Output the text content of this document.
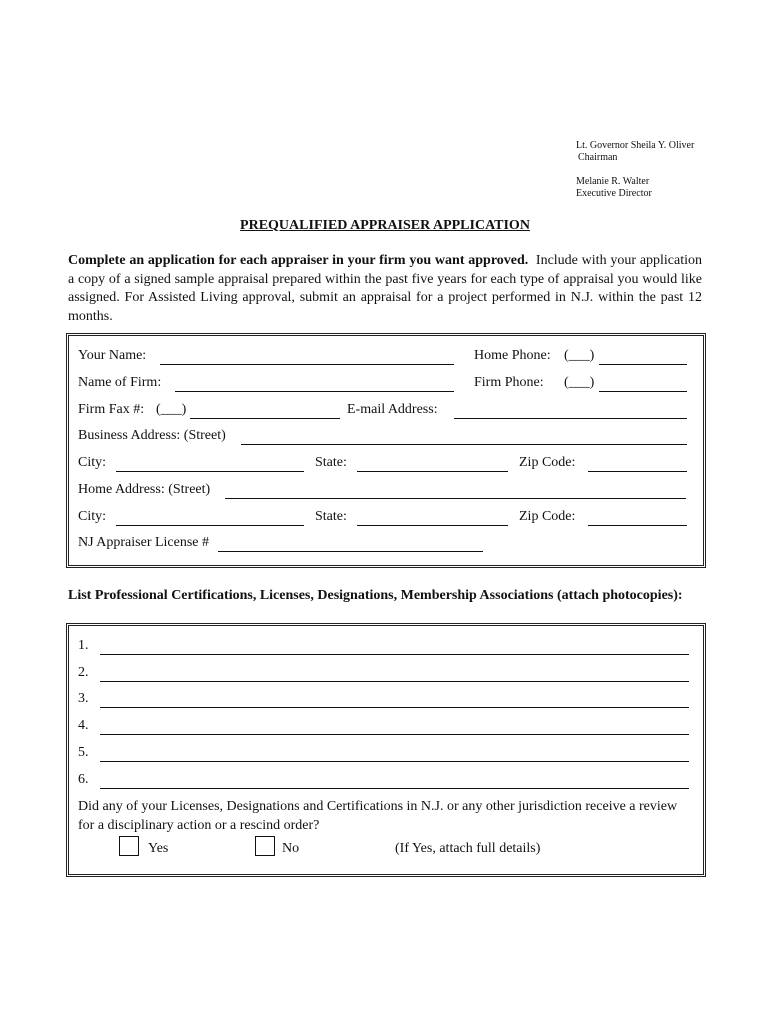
Lt. Governor Sheila Y. Oliver
Chairman
Melanie R. Walter
Executive Director
PREQUALIFIED APPRAISER APPLICATION
Complete an application for each appraiser in your firm you want approved. Include with your application a copy of a signed sample appraisal prepared within the past five years for each type of appraisal you would like assigned. For Assisted Living approval, submit an appraisal for a project performed in N.J. within the past 12 months.
Your Name:	Home Phone: (___)
Name of Firm:	Firm Phone: (___)
Firm Fax #: (___)	E-mail Address:
Business Address: (Street)
City:	State:	Zip Code:
Home Address: (Street)
City:	State:	Zip Code:
NJ Appraiser License #
List Professional Certifications, Licenses, Designations, Membership Associations (attach photocopies):
1.
2.
3.
4.
5.
6.
Did any of your Licenses, Designations and Certifications in N.J. or any other jurisdiction receive a review for a disciplinary action or a rescind order?
Yes	No	(If Yes, attach full details)
